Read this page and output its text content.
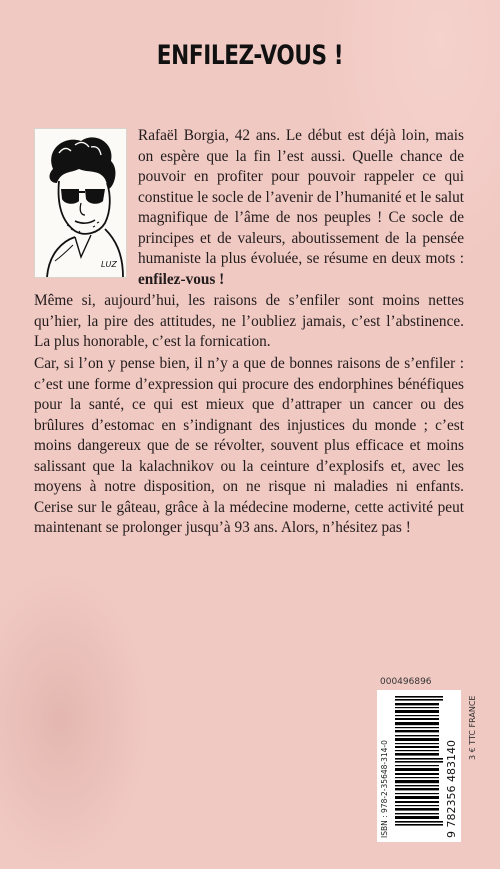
ENFILEZ-VOUS !
LUZ
Rafaël Borgia, 42 ans. Le début est déjà loin, mais on espère que la fin l’est aussi. Quelle chance de pouvoir en profiter pour pouvoir rappeler ce qui constitue le socle de l’avenir de l’humanité et le salut magnifique de l’âme de nos peuples ! Ce socle de principes et de valeurs, aboutissement de la pensée humaniste la plus évoluée, se résume en deux mots : enfilez-vous !
Même si, aujourd’hui, les raisons de s’enfiler sont moins nettes qu’hier, la pire des attitudes, ne l’oubliez jamais, c’est l’abstinence. La plus honorable, c’est la fornication.
Car, si l’on y pense bien, il n’y a que de bonnes raisons de s’enfiler : c’est une forme d’expression qui procure des endorphines bénéfiques pour la santé, ce qui est mieux que d’attraper un cancer ou des brûlures d’estomac en s’indignant des injustices du monde ; c’est moins dangereux que de se révolter, souvent plus efficace et moins salissant que la kalachnikov ou la ceinture d’explosifs et, avec les moyens à notre disposition, on ne risque ni maladies ni enfants. Cerise sur le gâteau, grâce à la médecine moderne, cette activité peut maintenant se prolonger jusqu’à 93 ans. Alors, n’hésitez pas !
000496896
ISBN : 978-2-35648-314-0	9 782356 483140
3 € TTC FRANCE
